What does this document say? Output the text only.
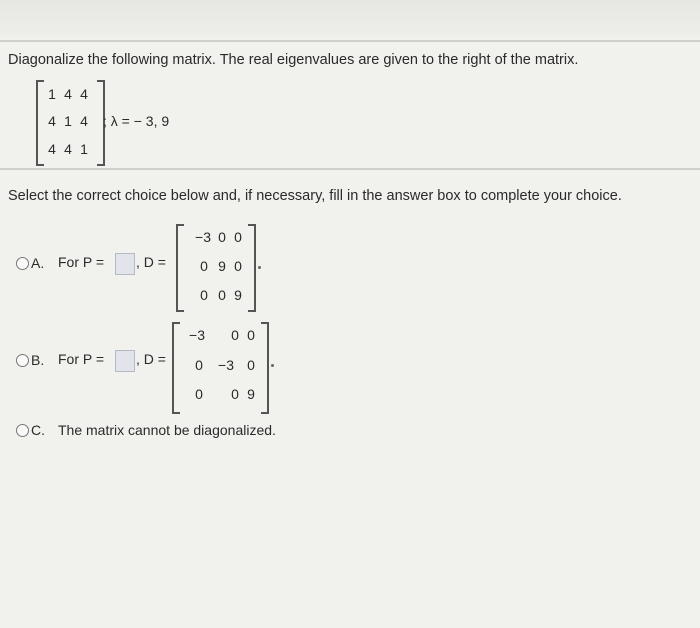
Diagonalize the following matrix. The real eigenvalues are given to the right of the matrix.
1 4 4
4 1 4
4 4 1
; λ = − 3, 9
Select the correct choice below and, if necessary, fill in the answer box to complete your choice.
A. For P = , D =
−3 0 0
0 9 0
0 0 9
B. For P = , D =
−3 0 0
0	−3 0
0 0 9
C. The matrix cannot be diagonalized.
